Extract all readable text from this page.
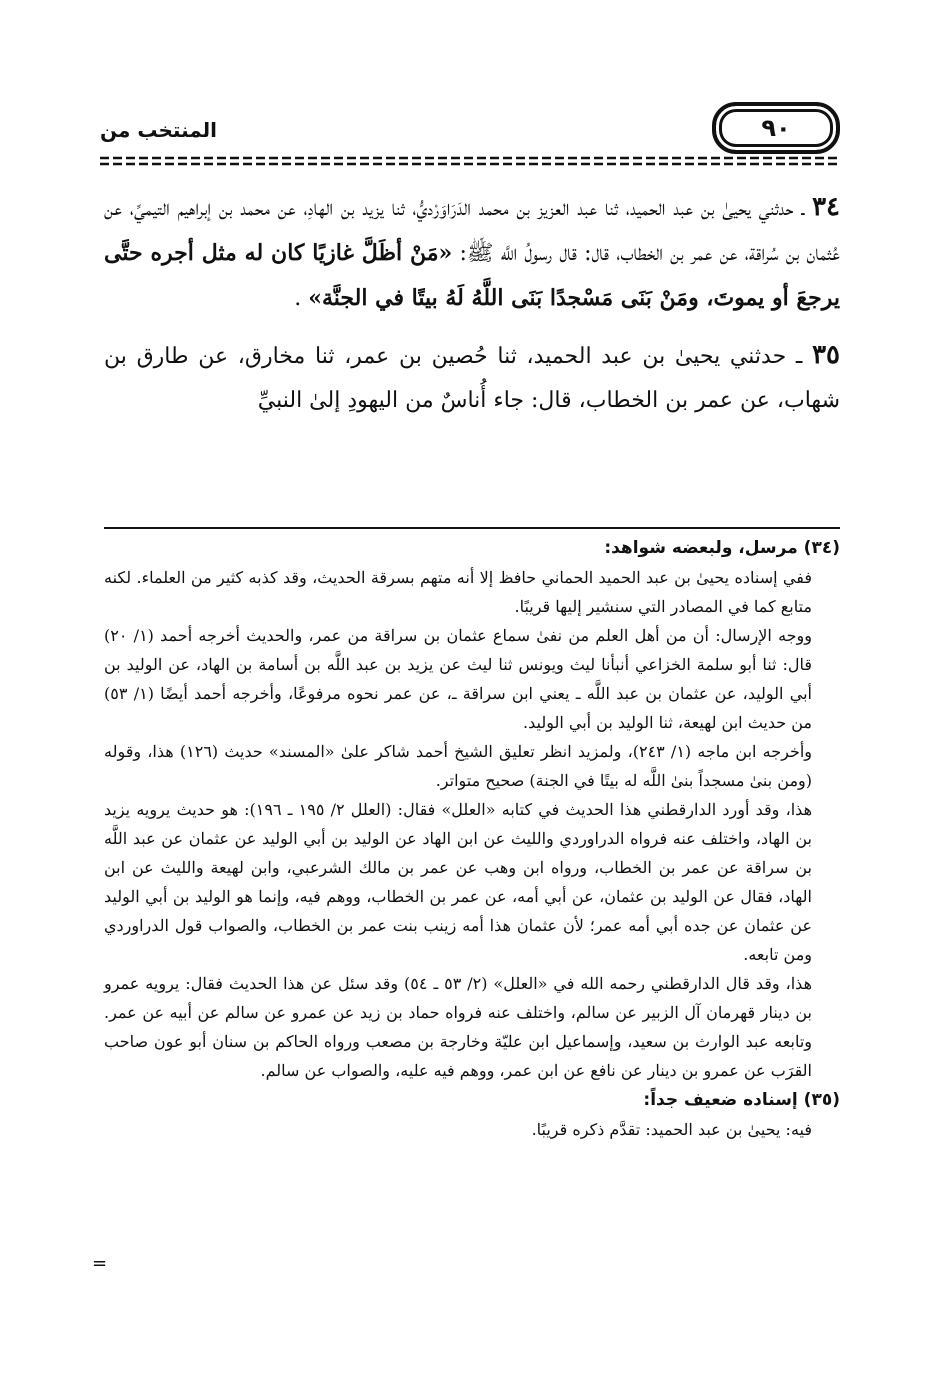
٩٠
المنتخب من

٣٤ ـ حدثني يحيىٰ بن عبد الحميد، ثنا عبد العزيز بن محمد الدَرَاوَرْديُّ، ثنا يزيد بن الهادِ، عن محمد بن إبراهيم التيميِّ، عن عُثمان بن سُراقة، عن عمر بن الخطاب، قال: قال رسولُ اللَّه ﷺ: «مَنْ أظَلَّ غازيًا كان له مثل أجره حتَّى يرجعَ أو يموتَ، ومَنْ بَنَى مَسْجدًا بَنَى اللَّهُ لَهُ بيتًا في الجنَّة» .

٣٥ ـ حدثني يحيىٰ بن عبد الحميد، ثنا حُصين بن عمر، ثنا مخارق، عن طارق بن شهاب، عن عمر بن الخطاب، قال: جاء أُناسٌ من اليهودِ إلىٰ النبيِّ

(٣٤) مرسل، ولبعضه شواهد:

ففي إسناده يحيىٰ بن عبد الحميد الحماني حافظ إلا أنه متهم بسرقة الحديث، وقد كذبه كثير من العلماء. لكنه متابع كما في المصادر التي سنشير إليها قريبًا.

ووجه الإرسال: أن من أهل العلم من نفىٰ سماع عثمان بن سراقة من عمر، والحديث أخرجه أحمد (١/ ٢٠) قال: ثنا أبو سلمة الخزاعي أنبأنا ليث ويونس ثنا ليث عن يزيد بن عبد اللَّه بن أسامة بن الهاد، عن الوليد بن أبي الوليد، عن عثمان بن عبد اللَّه ـ يعني ابن سراقة ـ، عن عمر نحوه مرفوعًا، وأخرجه أحمد أيضًا (١/ ٥٣) من حديث ابن لهيعة، ثنا الوليد بن أبي الوليد.

وأخرجه ابن ماجه (١/ ٢٤٣)، ولمزيد انظر تعليق الشيخ أحمد شاكر علىٰ «المسند» حديث (١٢٦) هذا، وقوله (ومن بنىٰ مسجداً بنىٰ اللَّه له بيتًا في الجنة) صحيح متواتر.

هذا، وقد أورد الدارقطني هذا الحديث في كتابه «العلل» فقال: (العلل ٢/ ١٩٥ ـ ١٩٦): هو حديث يرويه يزيد بن الهاد، واختلف عنه فرواه الدراوردي والليث عن ابن الهاد عن الوليد بن أبي الوليد عن عثمان عن عبد اللَّه بن سراقة عن عمر بن الخطاب، ورواه ابن وهب عن عمر بن مالك الشرعبي، وابن لهيعة والليث عن ابن الهاد، فقال عن الوليد بن عثمان، عن أبي أمه، عن عمر بن الخطاب، ووهم فيه، وإنما هو الوليد بن أبي الوليد عن عثمان عن جده أبي أمه عمر؛ لأن عثمان هذا أمه زينب بنت عمر بن الخطاب، والصواب قول الدراوردي ومن تابعه.

هذا، وقد قال الدارقطني رحمه الله في «العلل» (٢/ ٥٣ ـ ٥٤) وقد سئل عن هذا الحديث فقال: يرويه عمرو بن دينار قهرمان آل الزبير عن سالم، واختلف عنه فرواه حماد بن زيد عن عمرو عن سالم عن أبيه عن عمر. وتابعه عبد الوارث بن سعيد، وإسماعيل ابن عليّة وخارجة بن مصعب ورواه الحاكم بن سنان أبو عون صاحب القرَب عن عمرو بن دينار عن نافع عن ابن عمر، ووهم فيه عليه، والصواب عن سالم.

(٣٥) إسناده ضعيف جداً:

فيه: يحيىٰ بن عبد الحميد: تقدَّم ذكره قريبًا.

=
